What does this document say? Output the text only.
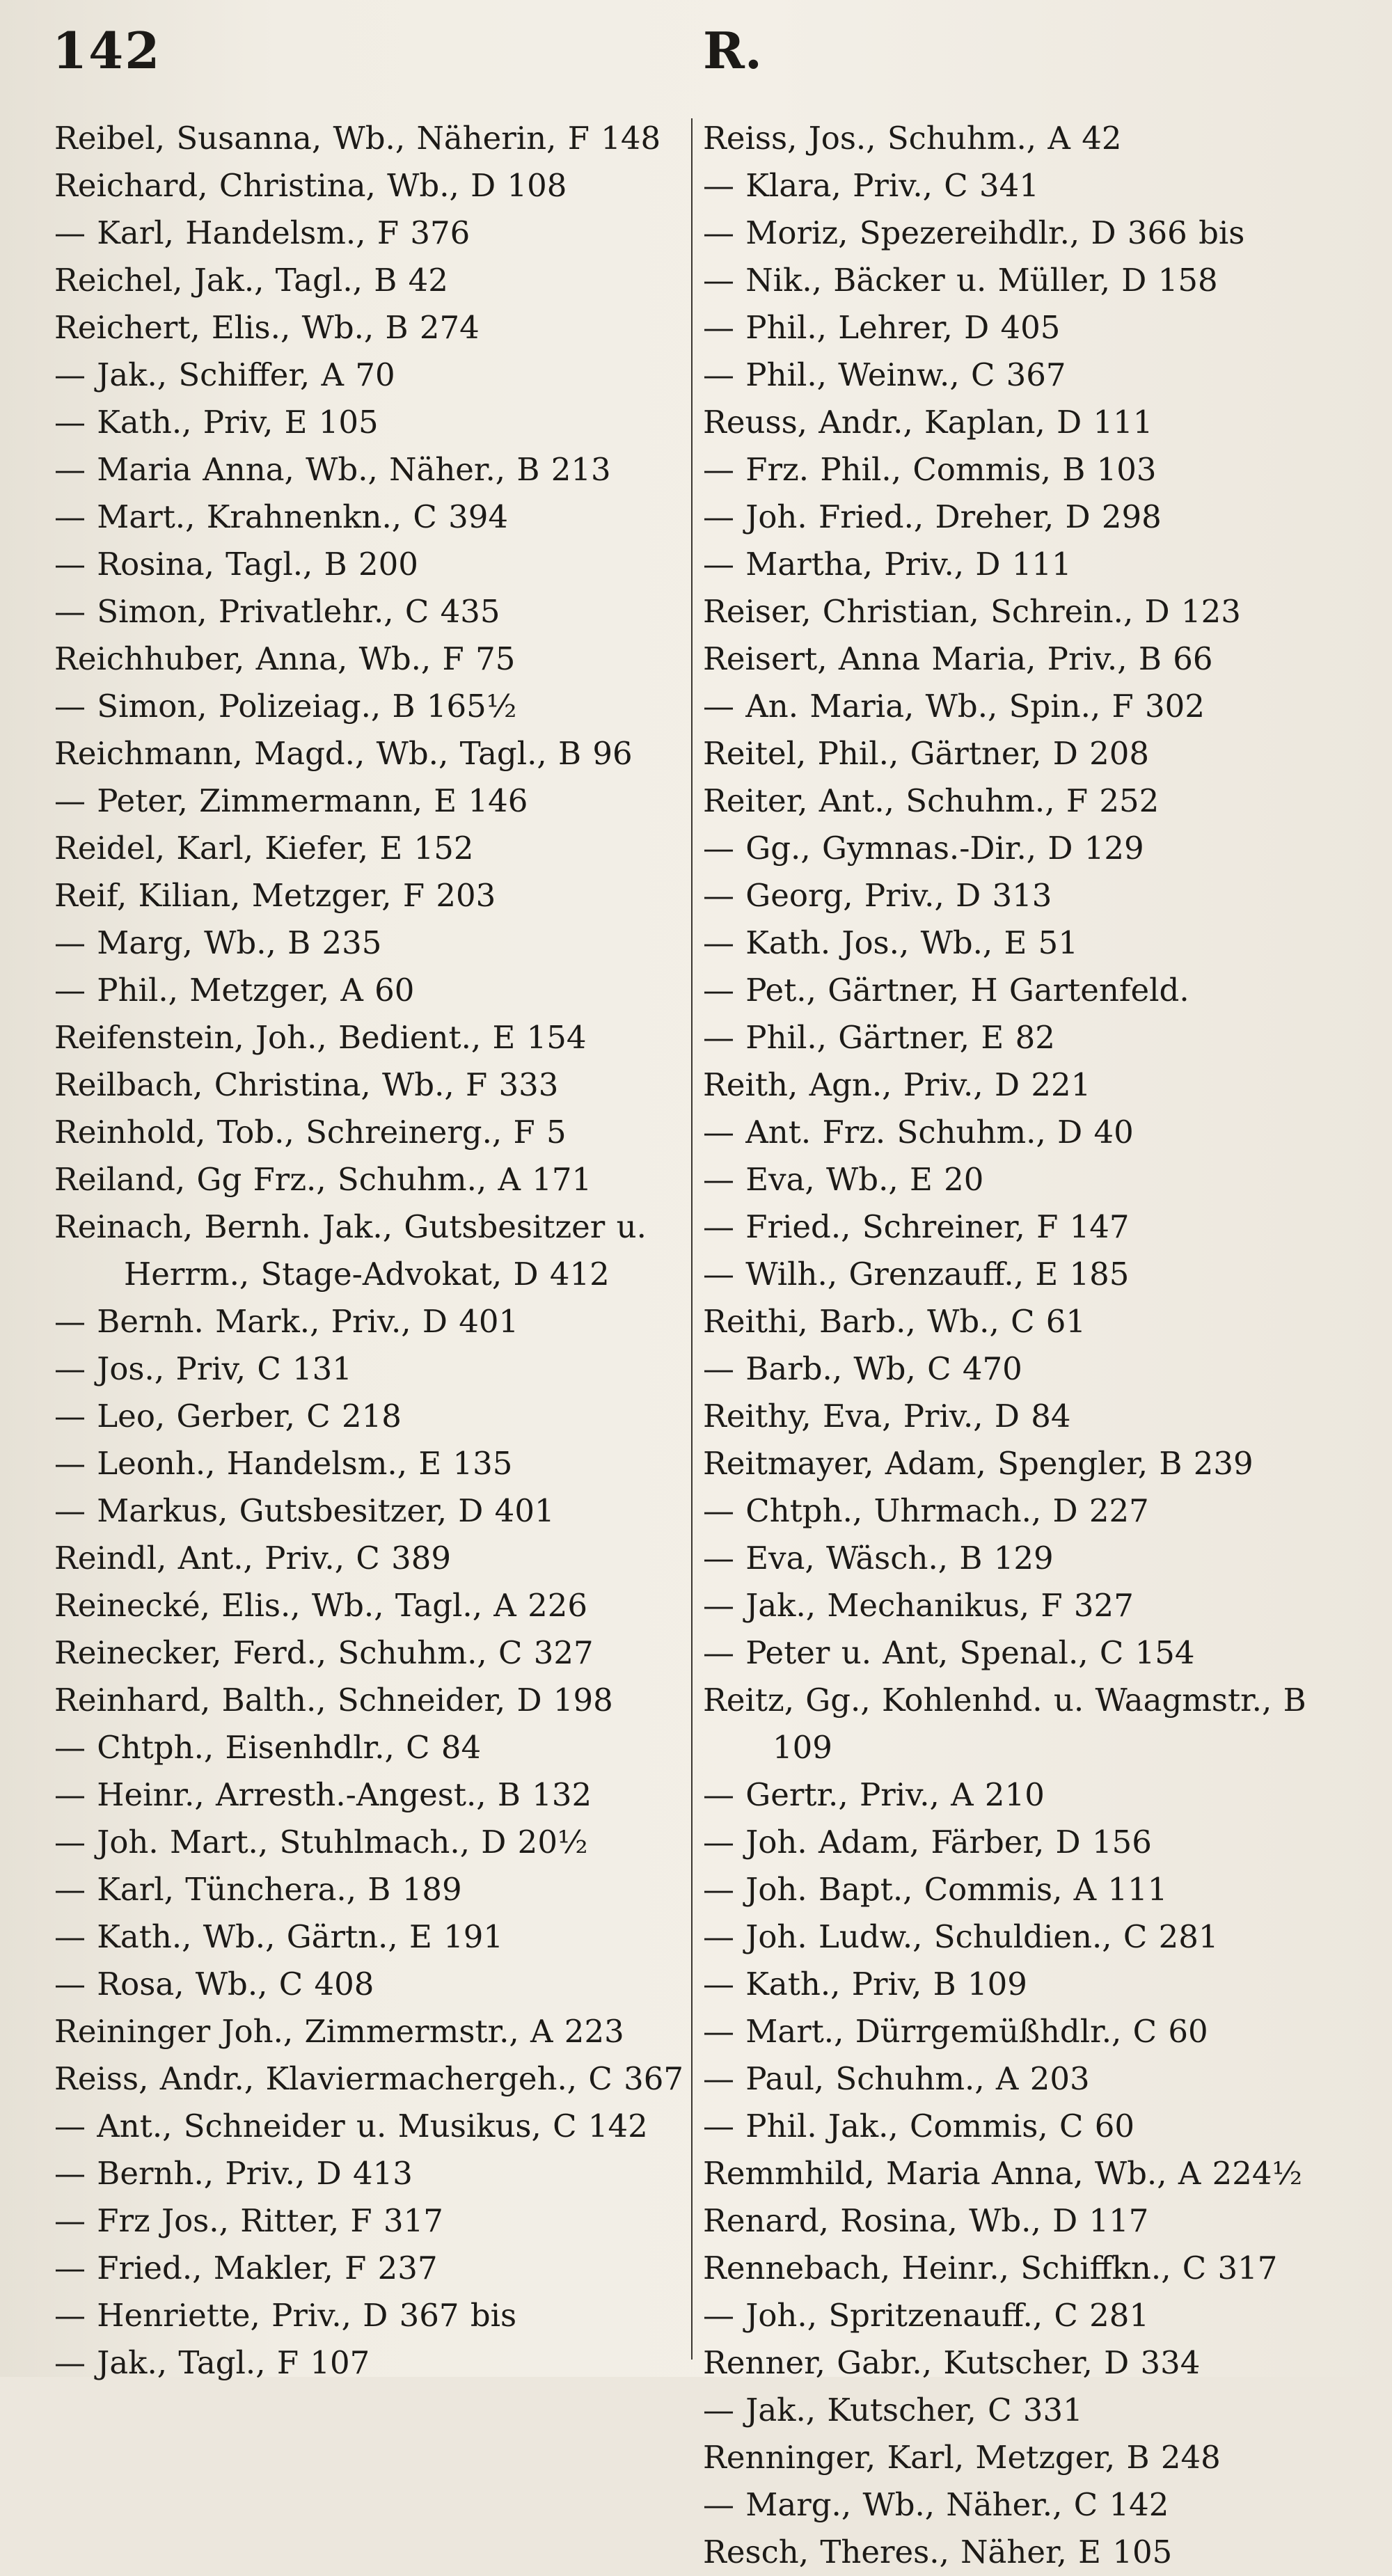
142	R.
Reibel, Susanna, Wb., Näherin, F 148
Reichard, Christina, Wb., D 108
— Karl, Handelsm., F 376
Reichel, Jak., Tagl., B 42
Reichert, Elis., Wb., B 274
— Jak., Schiffer, A 70
— Kath., Priv, E 105
— Maria Anna, Wb., Näher., B 213
— Mart., Krahnenkn., C 394
— Rosina, Tagl., B 200
— Simon, Privatlehr., C 435
Reichhuber, Anna, Wb., F 75
— Simon, Polizeiag., B 165½
Reichmann, Magd., Wb., Tagl., B 96
— Peter, Zimmermann, E 146
Reidel, Karl, Kiefer, E 152
Reif, Kilian, Metzger, F 203
— Marg, Wb., B 235
— Phil., Metzger, A 60
Reifenstein, Joh., Bedient., E 154
Reilbach, Christina, Wb., F 333
Reinhold, Tob., Schreinerg., F 5
Reiland, Gg Frz., Schuhm., A 171
Reinach, Bernh. Jak., Gutsbesitzer u. Herrm., Stage-Advokat, D 412
— Bernh. Mark., Priv., D 401
— Jos., Priv, C 131
— Leo, Gerber, C 218
— Leonh., Handelsm., E 135
— Markus, Gutsbesitzer, D 401
Reindl, Ant., Priv., C 389
Reinecké, Elis., Wb., Tagl., A 226
Reinecker, Ferd., Schuhm., C 327
Reinhard, Balth., Schneider, D 198
— Chtph., Eisenhdlr., C 84
— Heinr., Arresth.-Angest., B 132
— Joh. Mart., Stuhlmach., D 20½
— Karl, Tünchera., B 189
— Kath., Wb., Gärtn., E 191
— Rosa, Wb., C 408
Reininger Joh., Zimmermstr., A 223
Reiss, Andr., Klaviermachergeh., C 367
— Ant., Schneider u. Musikus, C 142
— Bernh., Priv., D 413
— Frz Jos., Ritter, F 317
— Fried., Makler, F 237
— Henriette, Priv., D 367 bis
— Jak., Tagl., F 107
Reiss, Jos., Schuhm., A 42
— Klara, Priv., C 341
— Moriz, Spezereihdlr., D 366 bis
— Nik., Bäcker u. Müller, D 158
— Phil., Lehrer, D 405
— Phil., Weinw., C 367
Reuss, Andr., Kaplan, D 111
— Frz. Phil., Commis, B 103
— Joh. Fried., Dreher, D 298
— Martha, Priv., D 111
Reiser, Christian, Schrein., D 123
Reisert, Anna Maria, Priv., B 66
— An. Maria, Wb., Spin., F 302
Reitel, Phil., Gärtner, D 208
Reiter, Ant., Schuhm., F 252
— Gg., Gymnas.-Dir., D 129
— Georg, Priv., D 313
— Kath. Jos., Wb., E 51
— Pet., Gärtner, H Gartenfeld.
— Phil., Gärtner, E 82
Reith, Agn., Priv., D 221
— Ant. Frz. Schuhm., D 40
— Eva, Wb., E 20
— Fried., Schreiner, F 147
— Wilh., Grenzauff., E 185
Reithi, Barb., Wb., C 61
— Barb., Wb, C 470
Reithy, Eva, Priv., D 84
Reitmayer, Adam, Spengler, B 239
— Chtph., Uhrmach., D 227
— Eva, Wäsch., B 129
— Jak., Mechanikus, F 327
— Peter u. Ant, Spenal., C 154
Reitz, Gg., Kohlenhd. u. Waagmstr., B 109
— Gertr., Priv., A 210
— Joh. Adam, Färber, D 156
— Joh. Bapt., Commis, A 111
— Joh. Ludw., Schuldien., C 281
— Kath., Priv, B 109
— Mart., Dürrgemüßhdlr., C 60
— Paul, Schuhm., A 203
— Phil. Jak., Commis, C 60
Remmhild, Maria Anna, Wb., A 224½
Renard, Rosina, Wb., D 117
Rennebach, Heinr., Schiffkn., C 317
— Joh., Spritzenauff., C 281
Renner, Gabr., Kutscher, D 334
— Jak., Kutscher, C 331
Renninger, Karl, Metzger, B 248
— Marg., Wb., Näher., C 142
Resch, Theres., Näher, E 105
